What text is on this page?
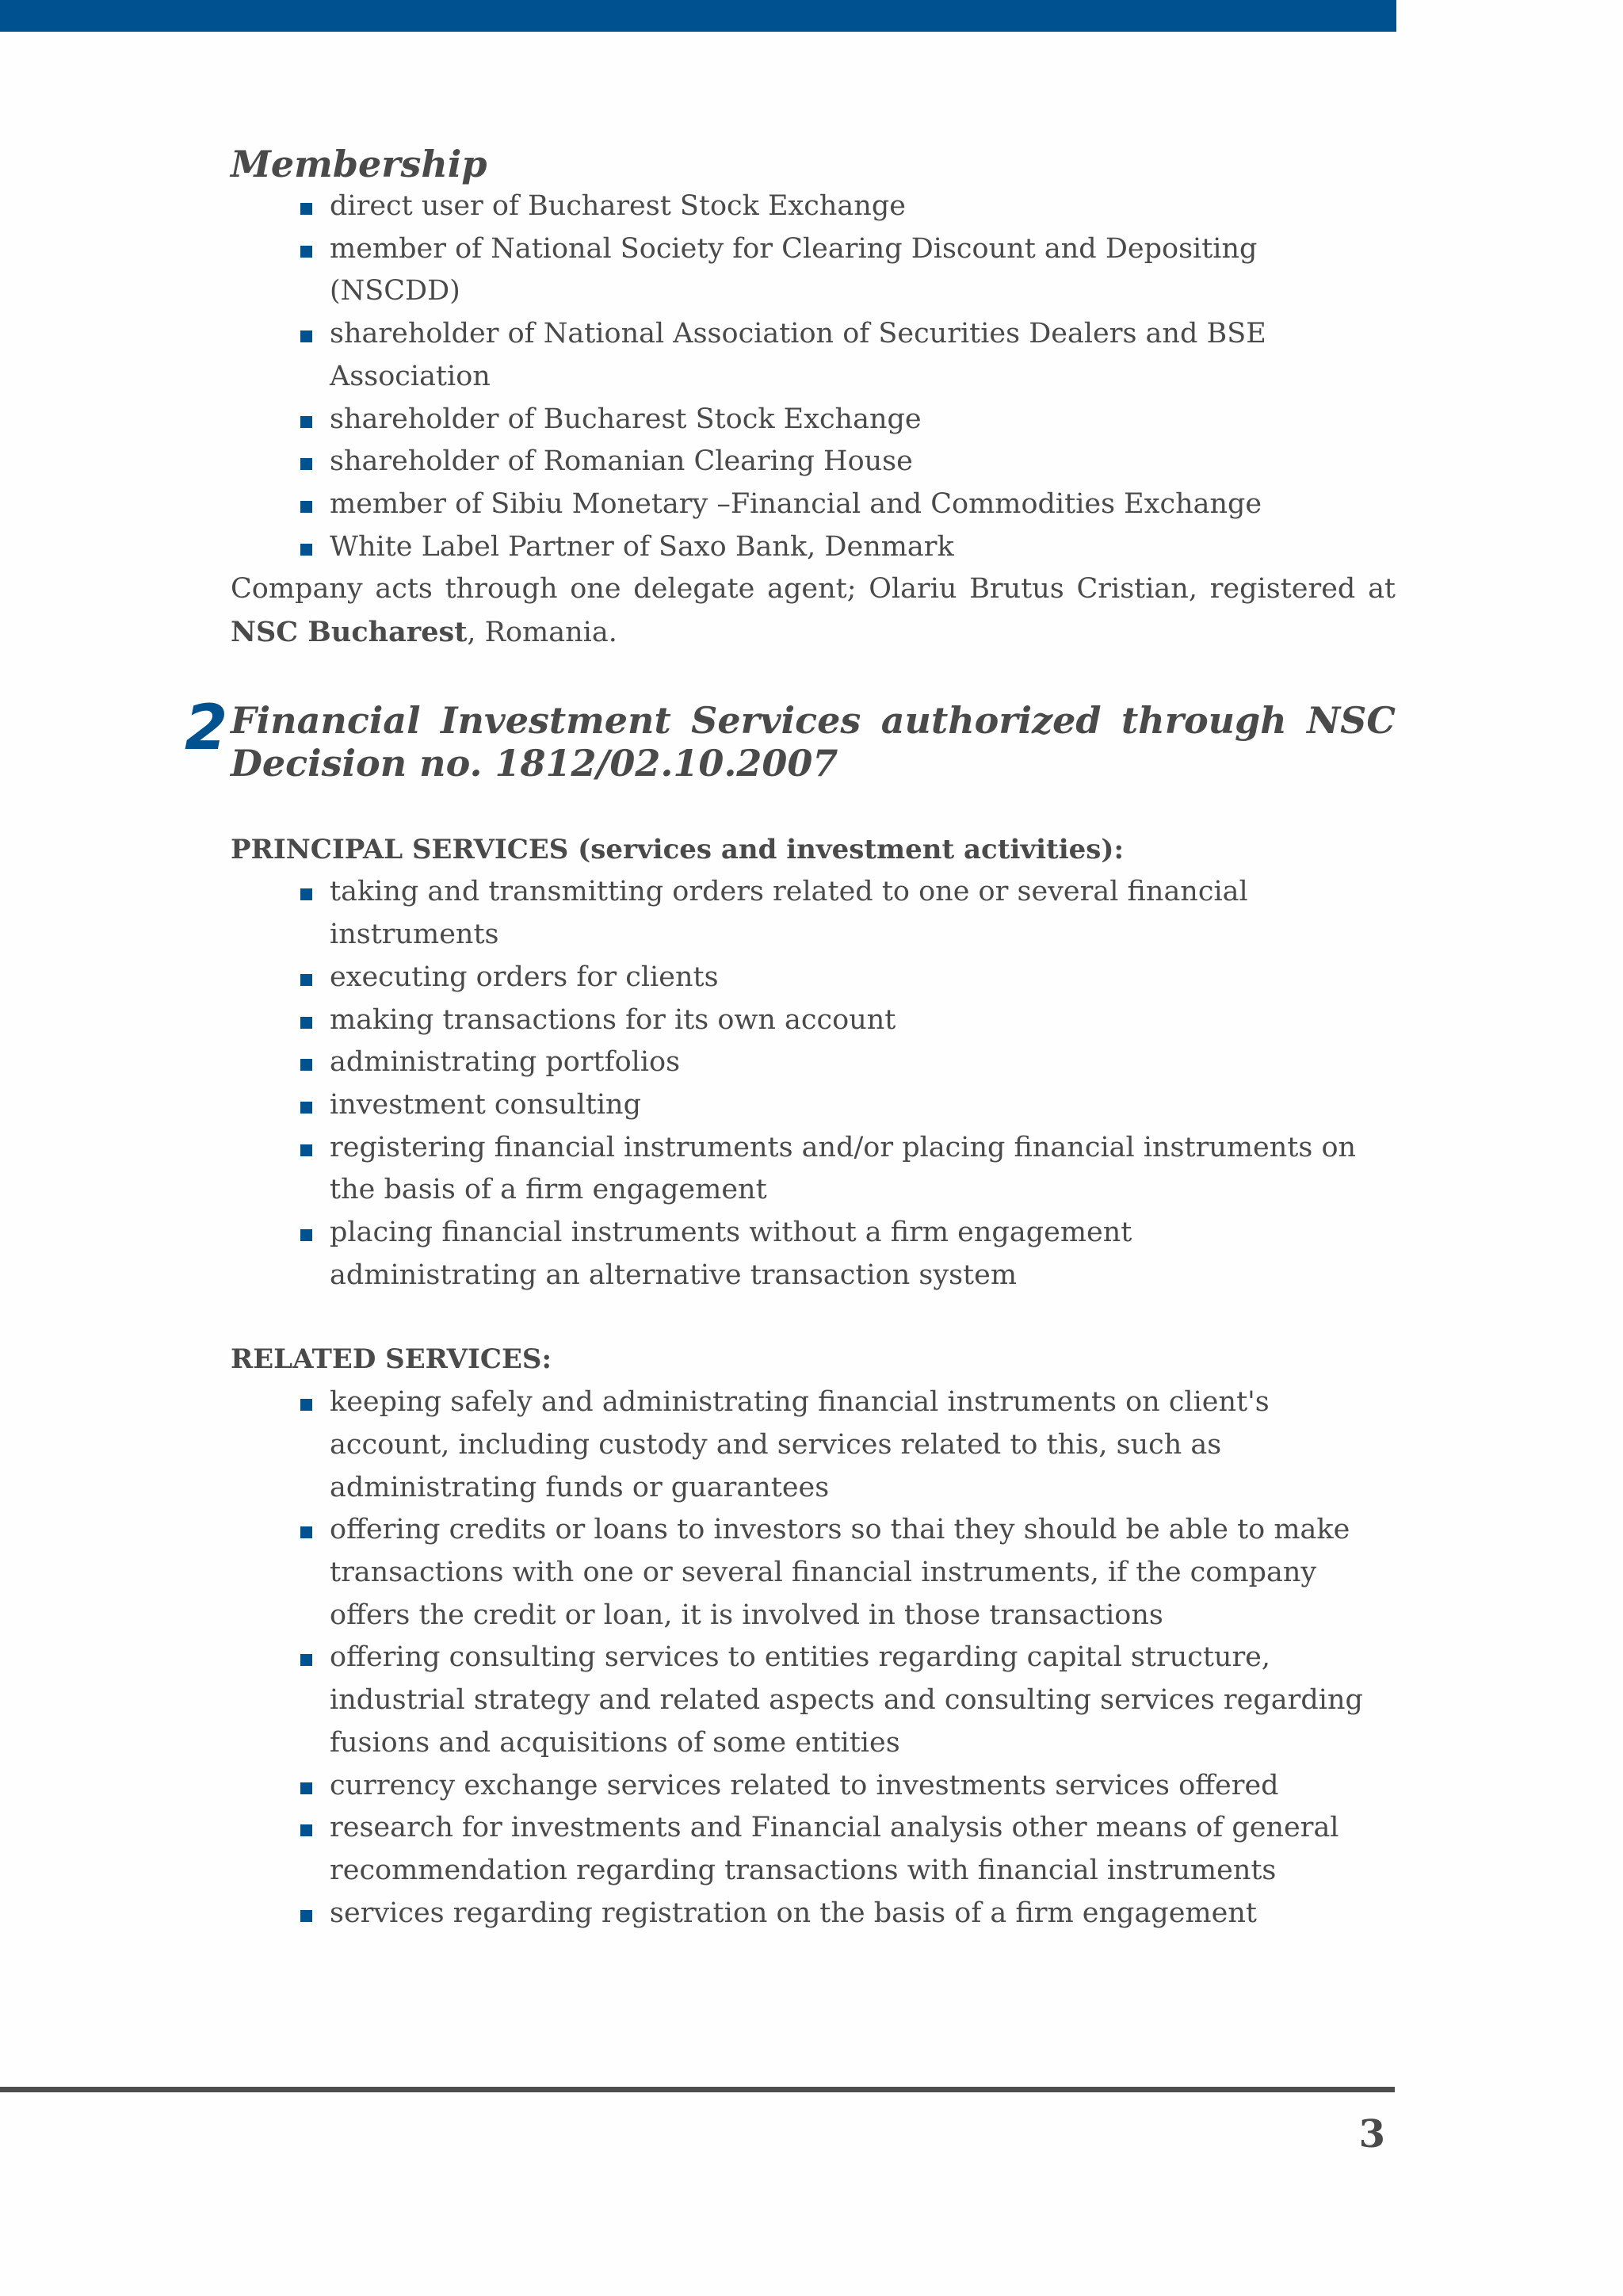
Membership
direct user of Bucharest Stock Exchange
member of National Society for Clearing Discount and Depositing (NSCDD)
shareholder of National Association of Securities Dealers and BSE Association
shareholder of Bucharest Stock Exchange
shareholder of Romanian Clearing House
member of Sibiu Monetary –Financial and Commodities Exchange
White Label Partner of Saxo Bank, Denmark

Company acts through one delegate agent; Olariu Brutus Cristian, registered at NSC Bucharest, Romania.

2 Financial Investment Services authorized through NSC Decision no. 1812/02.10.2007

PRINCIPAL SERVICES (services and investment activities):

taking and transmitting orders related to one or several financial instruments
executing orders for clients
making transactions for its own account
administrating portfolios
investment consulting
registering financial instruments and/or placing financial instruments on the basis of a firm engagement
placing financial instruments without a firm engagement
administrating an alternative transaction system

RELATED SERVICES:

keeping safely and administrating financial instruments on client's account, including custody and services related to this, such as administrating funds or guarantees
offering credits or loans to investors so thai they should be able to make transactions with one or several financial instruments, if the company offers the credit or loan, it is involved in those transactions
offering consulting services to entities regarding capital structure, industrial strategy and related aspects and consulting services regarding fusions and acquisitions of some entities
currency exchange services related to investments services offered
research for investments and Financial analysis other means of general recommendation regarding transactions with financial instruments
services regarding registration on the basis of a firm engagement
3
